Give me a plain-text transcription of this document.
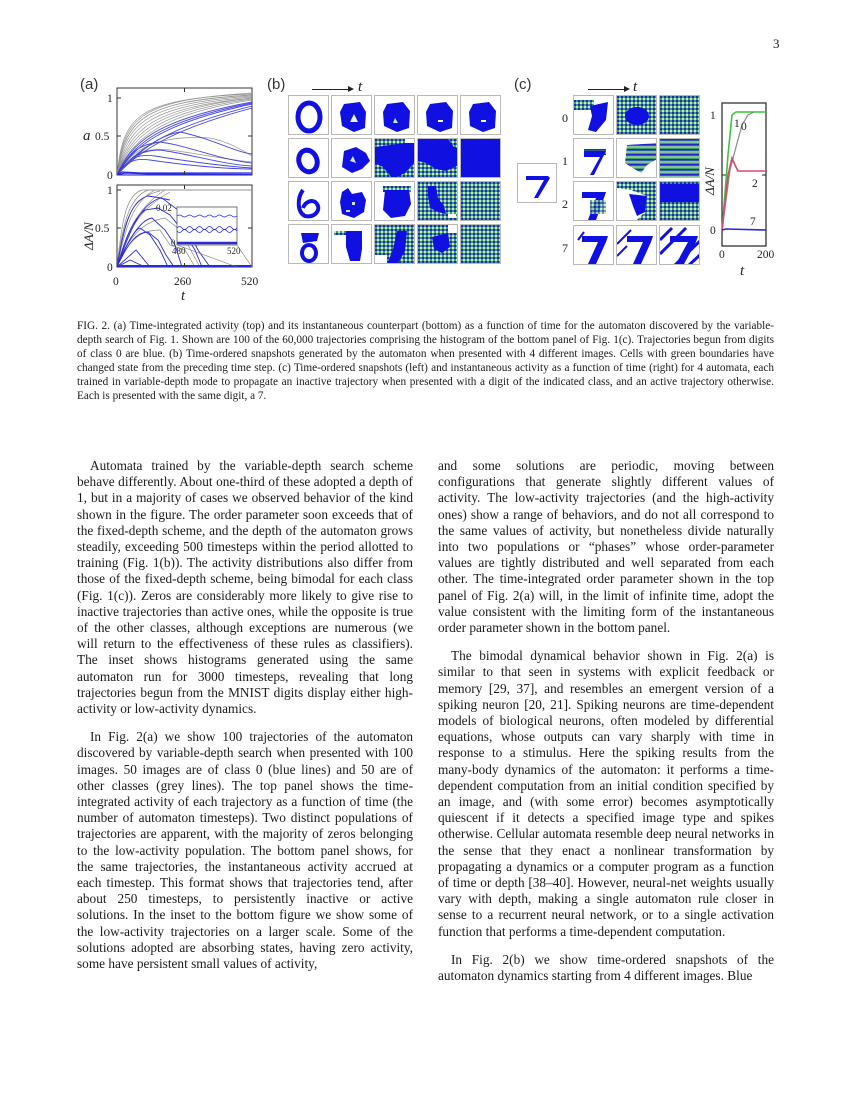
3
(a)
1
0.5
0
a
0.02
0
480	520
1
0.5
0
ΔA/N
0	260	520
t
(b)	t	(c)	t
0
1
2
7
1 0
2
7
1
0
ΔA/N
0	200
t
FIG. 2. (a) Time-integrated activity (top) and its instantaneous counterpart (bottom) as a function of time for the automaton discovered by the variable-depth search of Fig. 1. Shown are 100 of the 60,000 trajectories comprising the histogram of the bottom panel of Fig. 1(c). Trajectories begun from digits of class 0 are blue. (b) Time-ordered snapshots generated by the automaton when presented with 4 different images. Cells with green boundaries have changed state from the preceding time step. (c) Time-ordered snapshots (left) and instantaneous activity as a function of time (right) for 4 automata, each trained in variable-depth mode to propagate an inactive trajectory when presented with a digit of the indicated class, and an active trajectory otherwise. Each is presented with the same digit, a 7.

Automata trained by the variable-depth search scheme behave differently. About one-third of these adopted a depth of 1, but in a majority of cases we observed behavior of the kind shown in the figure. The order parameter soon exceeds that of the fixed-depth scheme, and the depth of the automaton grows steadily, exceeding 500 timesteps within the period allotted to training (Fig. 1(b)). The activity distributions also differ from those of the fixed-depth scheme, being bimodal for each class (Fig. 1(c)). Zeros are considerably more likely to give rise to inactive trajectories than active ones, while the opposite is true of the other classes, although exceptions are numerous (we will return to the effectiveness of these rules as classifiers). The inset shows histograms generated using the same automaton run for 3000 timesteps, revealing that long trajectories begun from the MNIST digits display either high-activity or low-activity dynamics.

In Fig. 2(a) we show 100 trajectories of the automaton discovered by variable-depth search when presented with 100 images. 50 images are of class 0 (blue lines) and 50 are of other classes (grey lines). The top panel shows the time-integrated activity of each trajectory as a function of time (the number of automaton timesteps). Two distinct populations of trajectories are apparent, with the majority of zeros belonging to the low-activity population. The bottom panel shows, for the same trajectories, the instantaneous activity accrued at each timestep. This format shows that trajectories tend, after about 250 timesteps, to persistently inactive or active solutions. In the inset to the bottom figure we show some of the low-activity trajectories on a larger scale. Some of the solutions adopted are absorbing states, having zero activity, some have persistent small values of activity,

and some solutions are periodic, moving between configurations that generate slightly different values of activity. The low-activity trajectories (and the high-activity ones) show a range of behaviors, and do not all correspond to the same values of activity, but nonetheless divide naturally into two populations or “phases” whose order-parameter values are tightly distributed and well separated from each other. The time-integrated order parameter shown in the top panel of Fig. 2(a) will, in the limit of infinite time, adopt the value consistent with the limiting form of the instantaneous order parameter shown in the bottom panel.

The bimodal dynamical behavior shown in Fig. 2(a) is similar to that seen in systems with explicit feedback or memory [29, 37], and resembles an emergent version of a spiking neuron [20, 21]. Spiking neurons are time-dependent models of biological neurons, often modeled by differential equations, whose outputs can vary sharply with time in response to a stimulus. Here the spiking results from the many-body dynamics of the automaton: it performs a time-dependent computation from an initial condition specified by an image, and (with some error) becomes asymptotically quiescent if it detects a specified image type and spikes otherwise. Cellular automata resemble deep neural networks in the sense that they enact a nonlinear transformation by propagating a dynamics or a computer program as a function of time or depth [38–40]. However, neural-net weights usually vary with depth, making a single automaton rule closer in sense to a recurrent neural network, or to a single activation function that performs a time-dependent computation.

In Fig. 2(b) we show time-ordered snapshots of the automaton dynamics starting from 4 different images. Blue
